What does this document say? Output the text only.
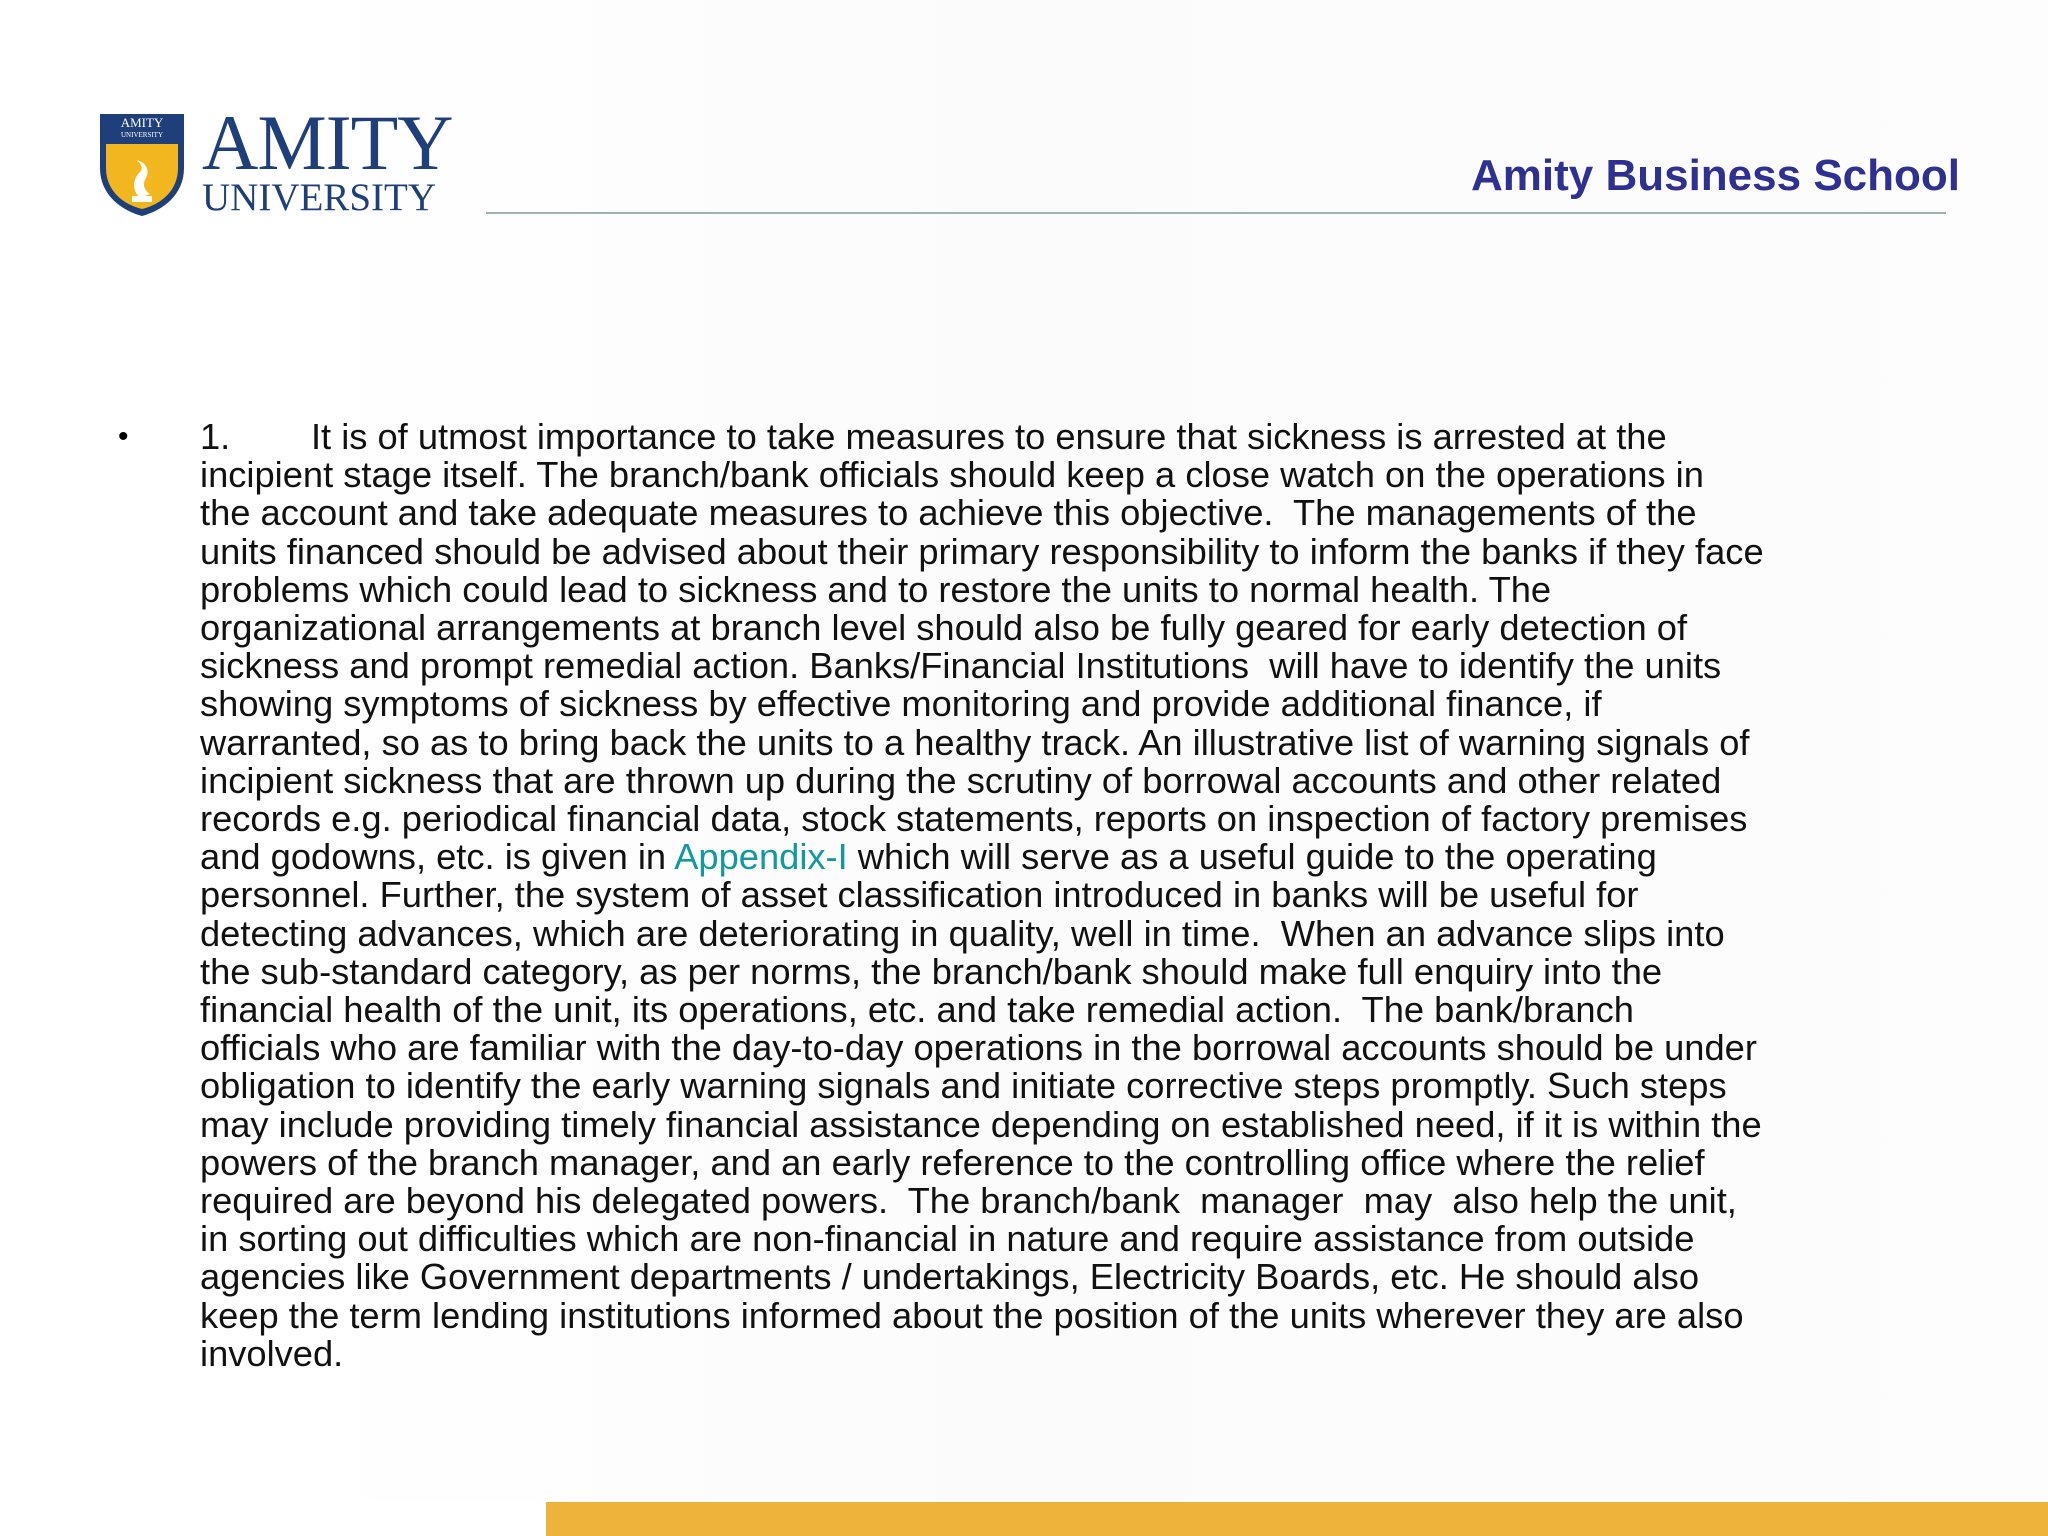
AMITY
UNIVERSITY AMITY
UNIVERSITY	Amity Business School
• 1.        It is of utmost importance to take measures to ensure that sickness is arrested at the
incipient stage itself. The branch/bank officials should keep a close watch on the operations in
the account and take adequate measures to achieve this objective.  The managements of the
units financed should be advised about their primary responsibility to inform the banks if they face
problems which could lead to sickness and to restore the units to normal health. The
organizational arrangements at branch level should also be fully geared for early detection of
sickness and prompt remedial action. Banks/Financial Institutions  will have to identify the units
showing symptoms of sickness by effective monitoring and provide additional finance, if
warranted, so as to bring back the units to a healthy track. An illustrative list of warning signals of
incipient sickness that are thrown up during the scrutiny of borrowal accounts and other related
records e.g. periodical financial data, stock statements, reports on inspection of factory premises
and godowns, etc. is given in Appendix-I which will serve as a useful guide to the operating
personnel. Further, the system of asset classification introduced in banks will be useful for
detecting advances, which are deteriorating in quality, well in time.  When an advance slips into
the sub-standard category, as per norms, the branch/bank should make full enquiry into the
financial health of the unit, its operations, etc. and take remedial action.  The bank/branch
officials who are familiar with the day-to-day operations in the borrowal accounts should be under
obligation to identify the early warning signals and initiate corrective steps promptly. Such steps
may include providing timely financial assistance depending on established need, if it is within the
powers of the branch manager, and an early reference to the controlling office where the relief
required are beyond his delegated powers.  The branch/bank  manager  may  also help the unit,
in sorting out difficulties which are non-financial in nature and require assistance from outside
agencies like Government departments / undertakings, Electricity Boards, etc. He should also
keep the term lending institutions informed about the position of the units wherever they are also
involved.
